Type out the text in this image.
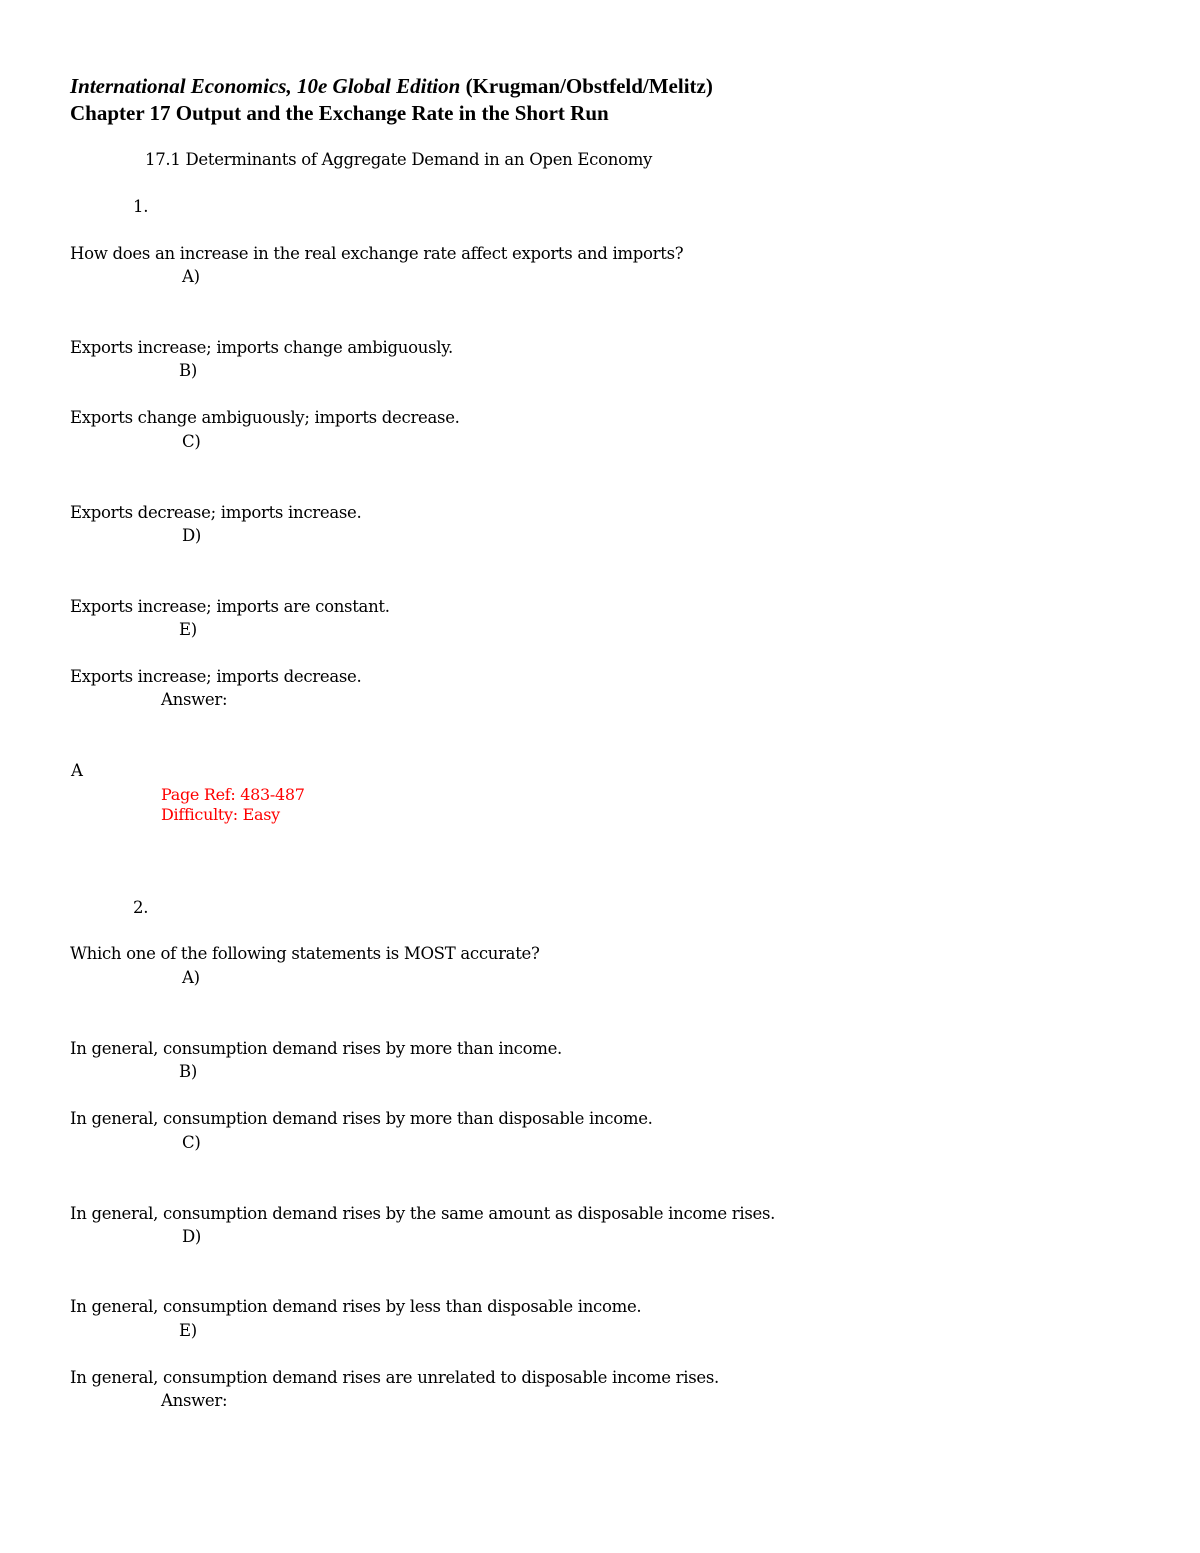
International Economics, 10e Global Edition (Krugman/Obstfeld/Melitz)
Chapter 17 Output and the Exchange Rate in the Short Run
17.1 Determinants of Aggregate Demand in an Open Economy
1.
How does an increase in the real exchange rate affect exports and imports?
A)
Exports increase; imports change ambiguously.
B)
Exports change ambiguously; imports decrease.
C)
Exports decrease; imports increase.
D)
Exports increase; imports are constant.
E)
Exports increase; imports decrease.
Answer:
A
Page Ref: 483-487
Difficulty: Easy
2.
Which one of the following statements is MOST accurate?
A)
In general, consumption demand rises by more than income.
B)
In general, consumption demand rises by more than disposable income.
C)
In general, consumption demand rises by the same amount as disposable income rises.
D)
In general, consumption demand rises by less than disposable income.
E)
In general, consumption demand rises are unrelated to disposable income rises.
Answer:
